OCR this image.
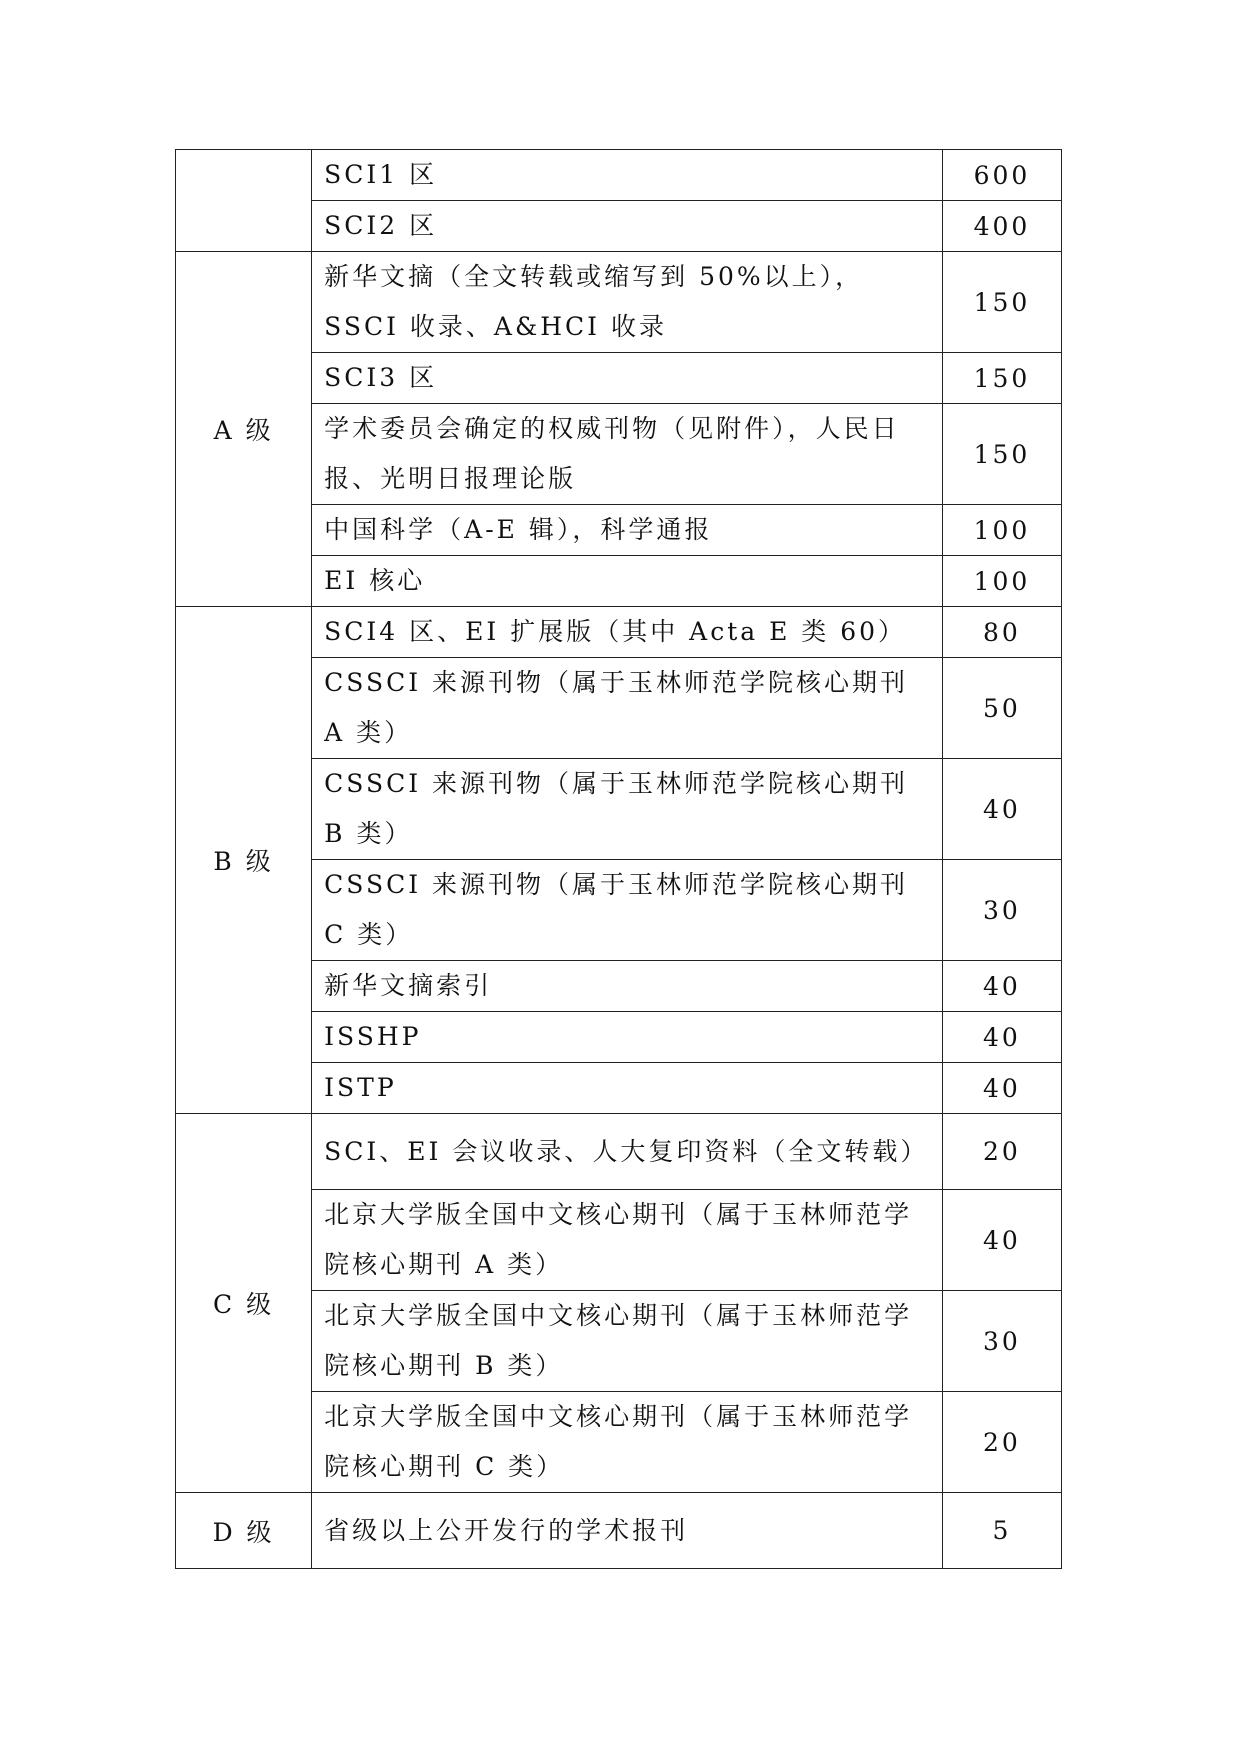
	SCI1 区	600
	SCI2 区	400
A 级	新华文摘（全文转载或缩写到 50%以上），SSCI 收录、A&HCI 收录	150
	SCI3 区	150
	学术委员会确定的权威刊物（见附件），人民日报、光明日报理论版	150
	中国科学（A-E 辑），科学通报	100
	EI 核心	100
B 级	SCI4 区、EI 扩展版（其中 Acta E 类 60）	80
	CSSCI 来源刊物（属于玉林师范学院核心期刊 A 类）	50
	CSSCI 来源刊物（属于玉林师范学院核心期刊 B 类）	40
	CSSCI 来源刊物（属于玉林师范学院核心期刊 C 类）	30
	新华文摘索引	40
	ISSHP	40
	ISTP	40
C 级	SCI、EI 会议收录、人大复印资料（全文转载）	20
	北京大学版全国中文核心期刊（属于玉林师范学院核心期刊 A 类）	40
	北京大学版全国中文核心期刊（属于玉林师范学院核心期刊 B 类）	30
	北京大学版全国中文核心期刊（属于玉林师范学院核心期刊 C 类）	20
D 级	省级以上公开发行的学术报刊	5
